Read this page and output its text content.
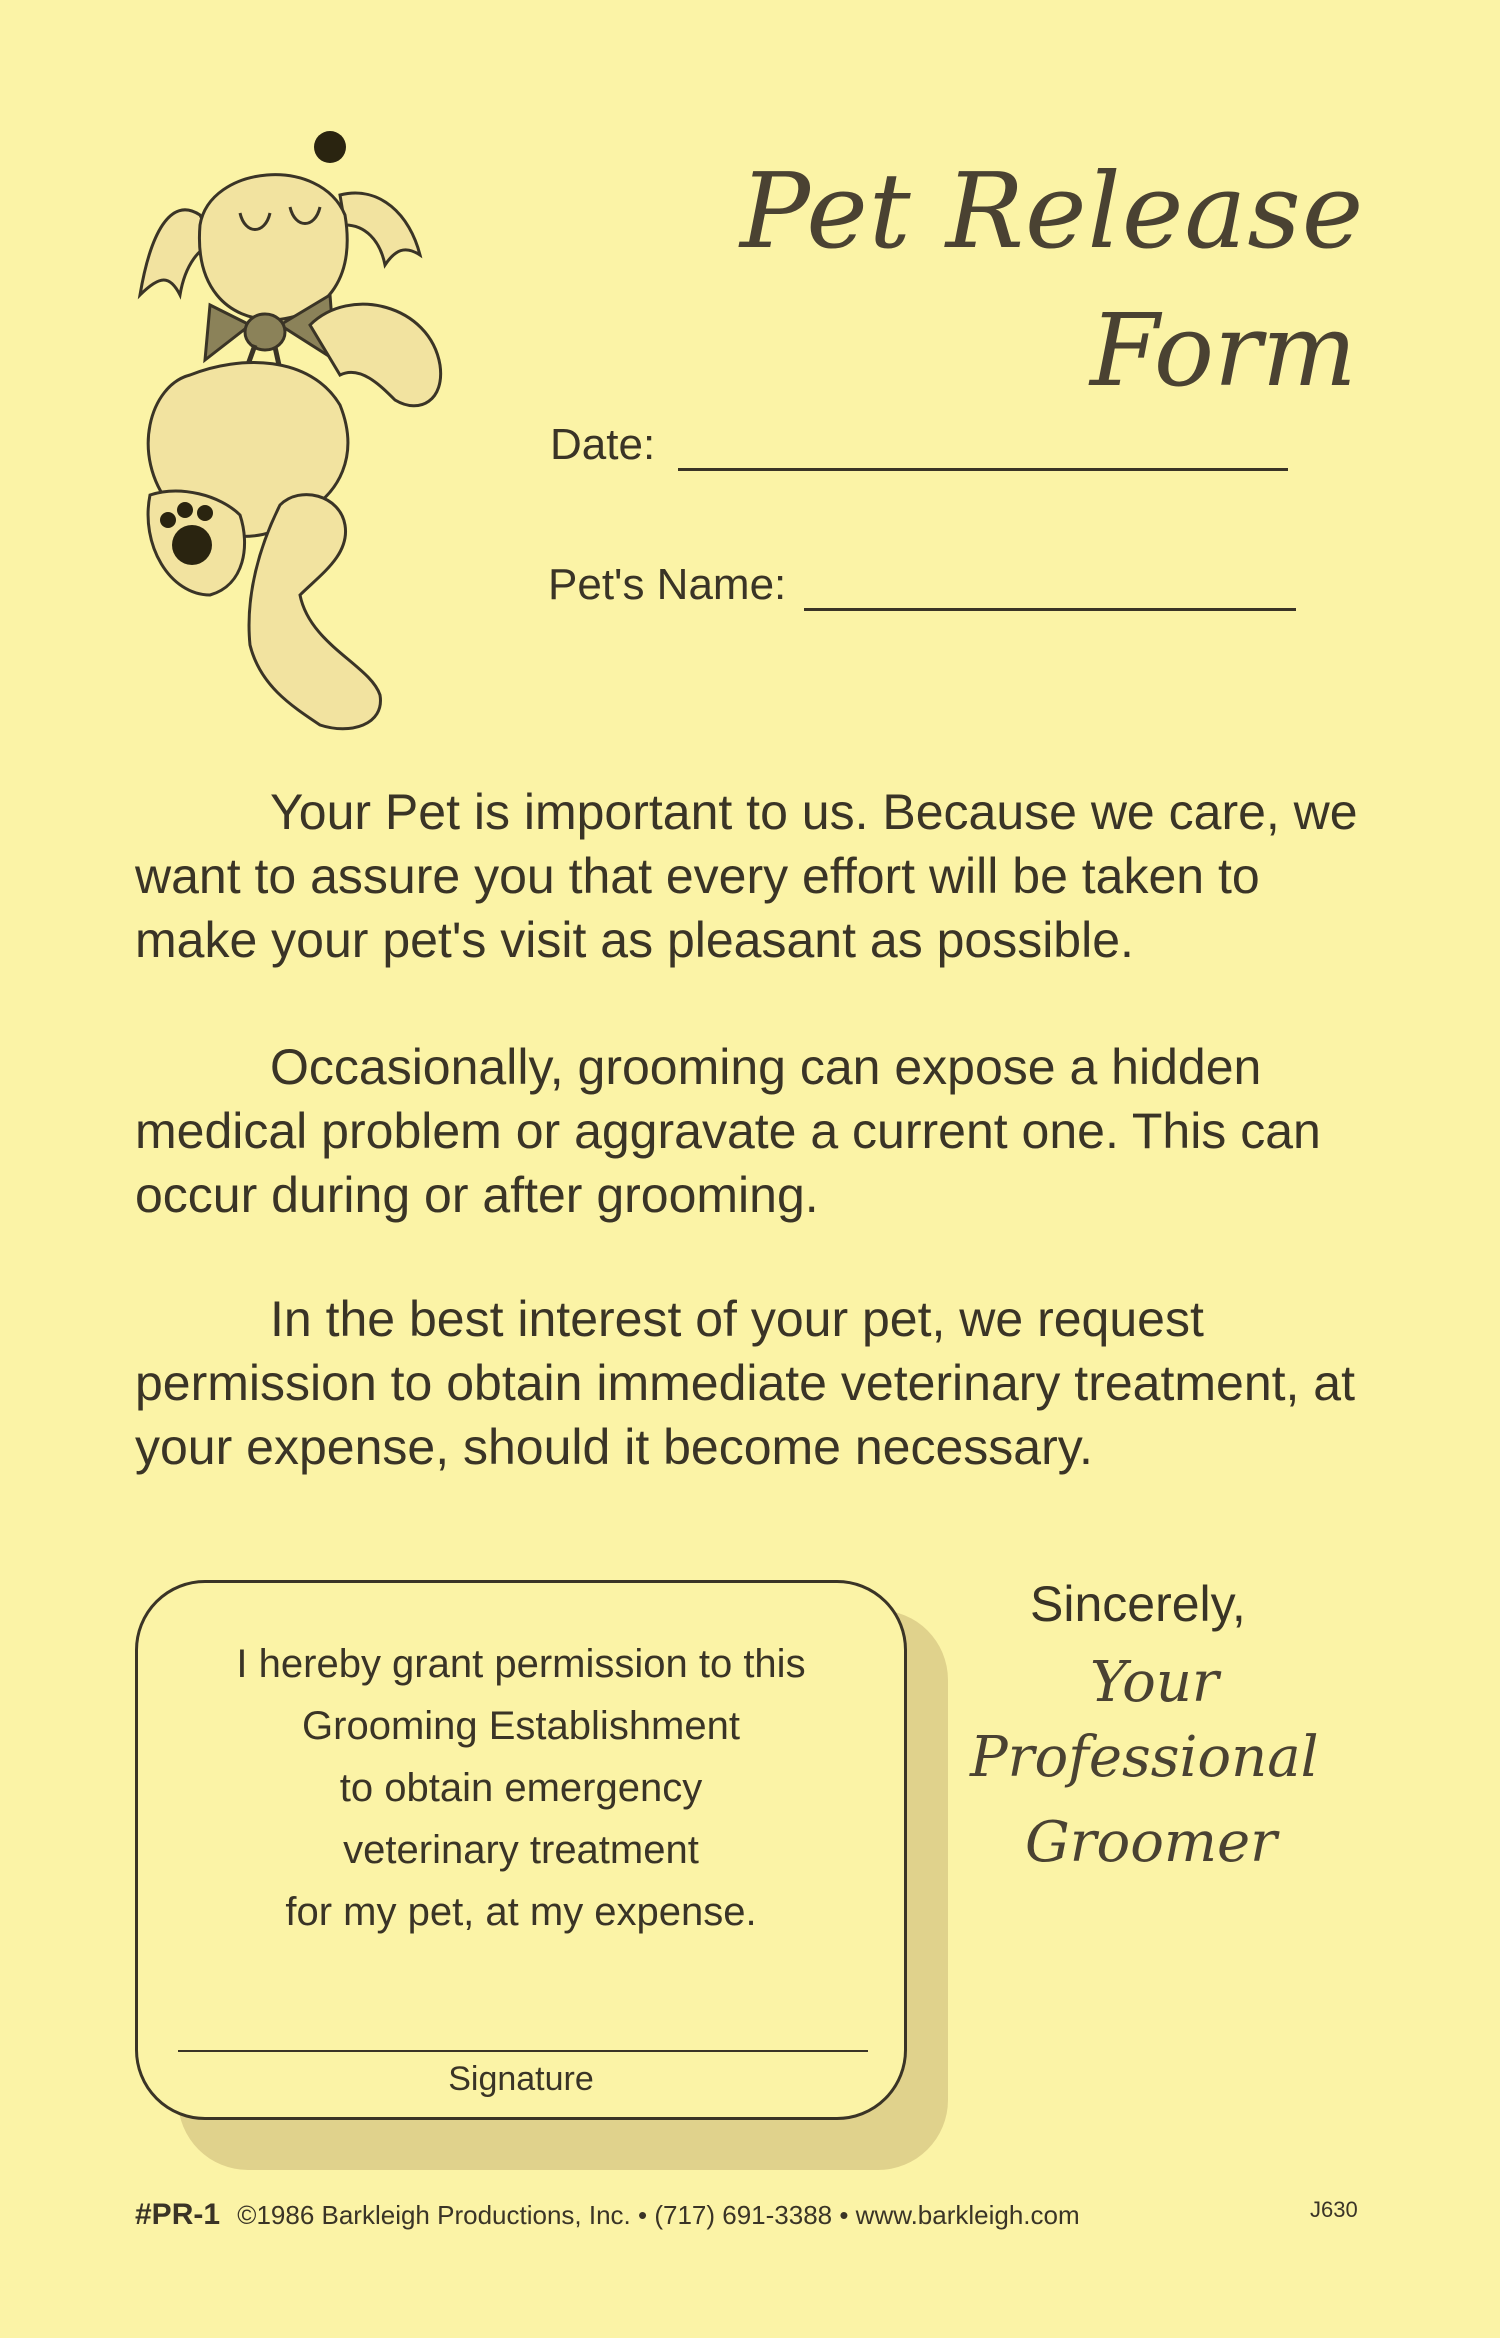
Pet Release
Form
Date:
Pet's Name:
Your Pet is important to us. Because we care, we want to assure you that every effort will be taken to make your pet's visit as pleasant as possible.
Occasionally, grooming can expose a hidden medical problem or aggravate a current one. This can occur during or after grooming.
In the best interest of your pet, we request permission to obtain immediate veterinary treatment, at your expense, should it become necessary.
I hereby grant permission to this
Grooming Establishment
to obtain emergency
veterinary treatment
for my pet, at my expense.
Signature
Sincerely,
Your
Professional
Groomer
#PR-1 ©1986 Barkleigh Productions, Inc. • (717) 691-3388 • www.barkleigh.com	J630
